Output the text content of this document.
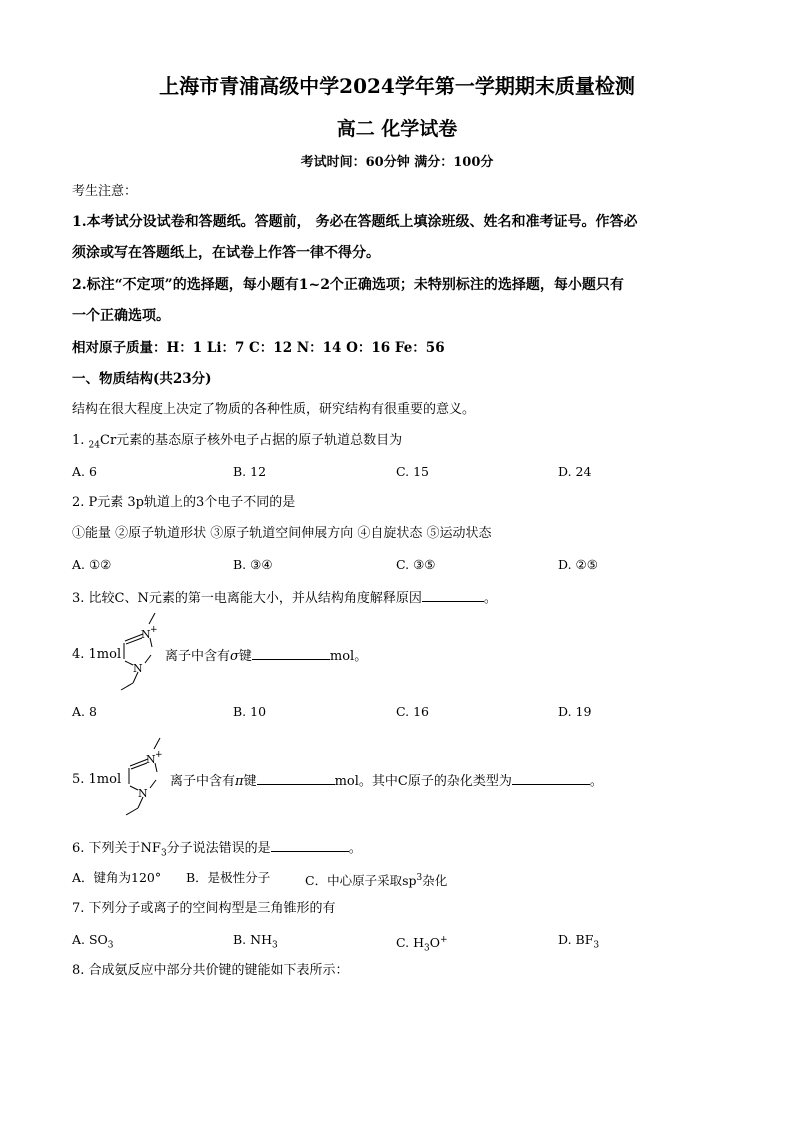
上海市青浦高级中学2024学年第一学期期末质量检测
高二 化学试卷
考试时间：60分钟 满分：100分
考生注意：
1.本考试分设试卷和答题纸。答题前， 务必在答题纸上填涂班级、姓名和准考证号。作答必
须涂或写在答题纸上，在试卷上作答一律不得分。
2.标注“不定项”的选择题，每小题有1~2个正确选项；未特别标注的选择题，每小题只有
一个正确选项。
相对原子质量：H：1 Li：7 C：12 N：14 O：16 Fe：56
一、物质结构(共23分)
结构在很大程度上决定了物质的各种性质，研究结构有很重要的意义。
1. $_{24}$Cr元素的基态原子核外电子占据的原子轨道总数目为
A. 6	B. 12	C. 15	D. 24
2. P元素 3p轨道上的3个电子不同的是
①能量 ②原子轨道形状 ③原子轨道空间伸展方向 ④自旋状态 ⑤运动状态
A. ①②	B. ③④	C. ③⑤	D. ②⑤
3. 比较C、N元素的第一电离能大小，并从结构角度解释原因	。
4. 1mol
N +
N
离子中含有σ键	mol。
A. 8	B. 10	C. 16	D. 19
5. 1mol
N +
N
离子中含有π键	mol。其中C原子的杂化类型为	。
6. 下列关于$NF_3$分子说法错误的是	。
A．键角为120° B．是极性分子	C．中心原子采取$sp^3$杂化
7. 下列分子或离子的空间构型是三角锥形的有
A. $SO_3$	B. $NH_3$	C. $H_3O^+$	D. $BF_3$
8. 合成氨反应中部分共价键的键能如下表所示：
